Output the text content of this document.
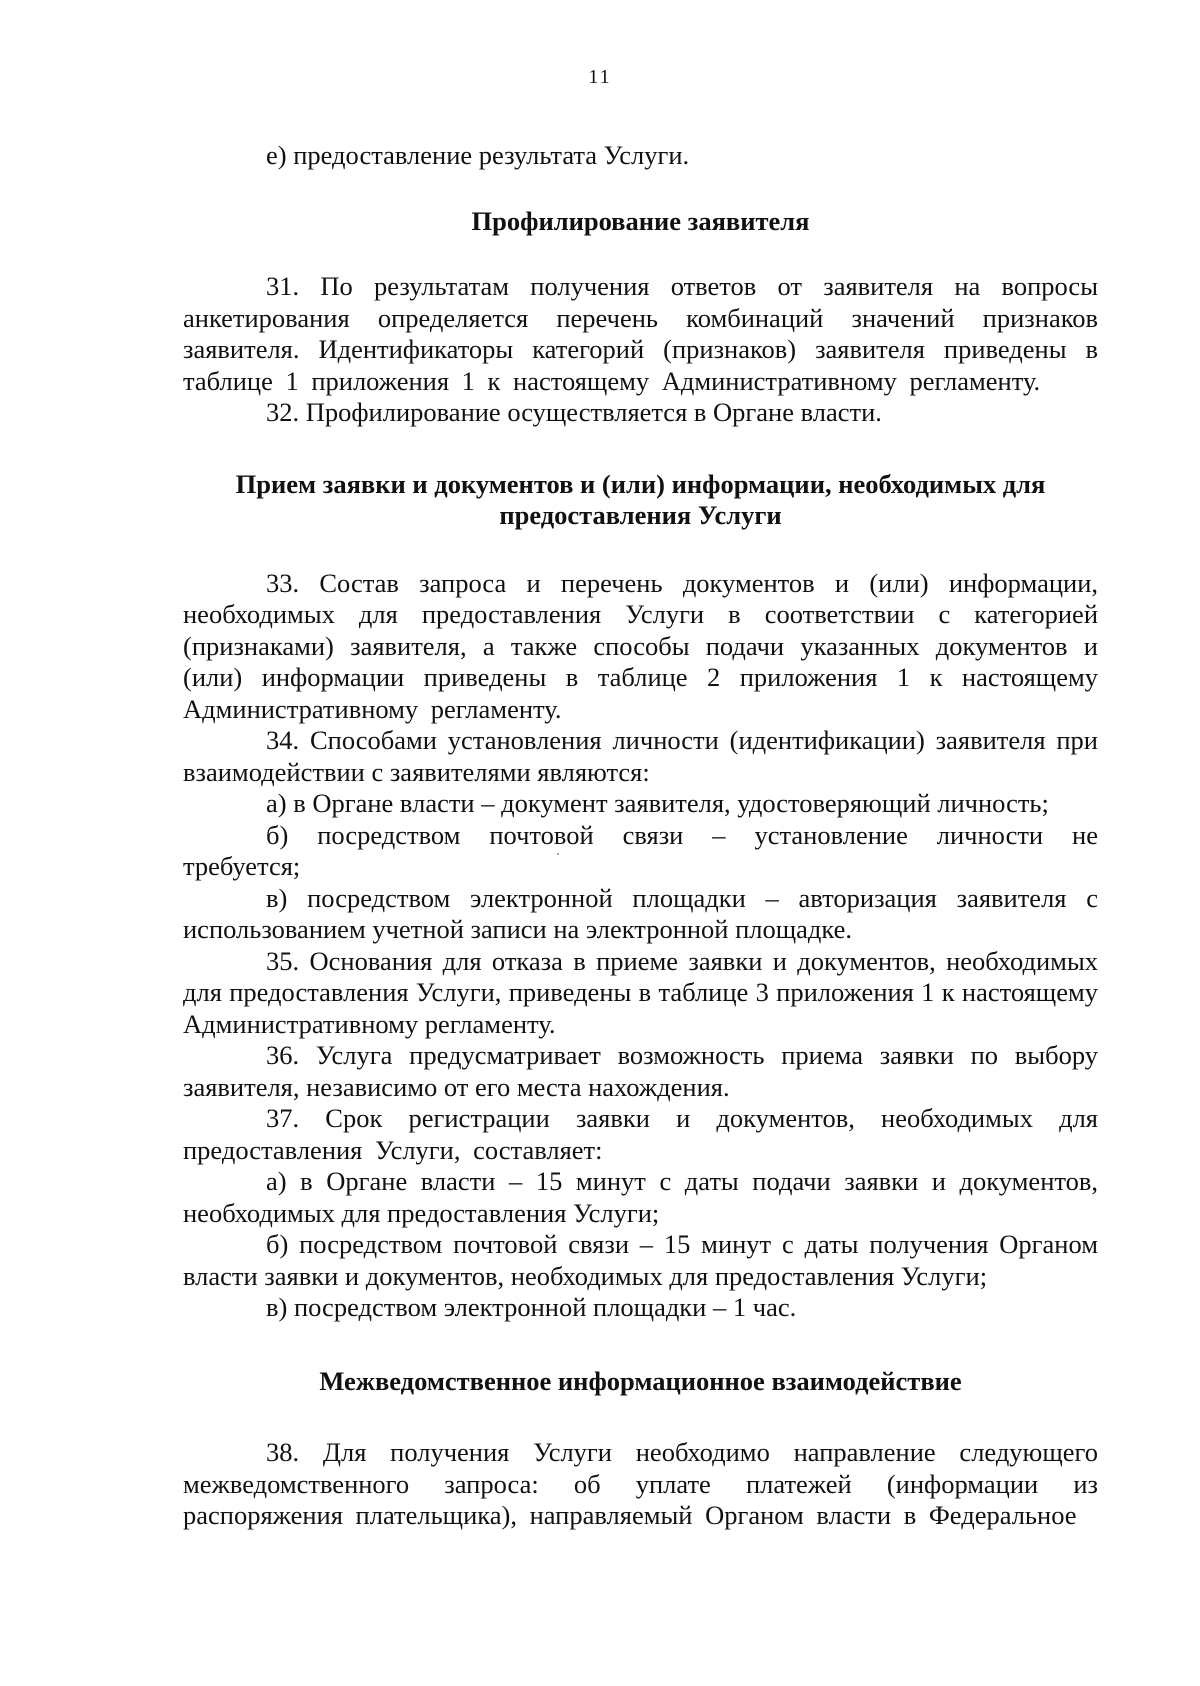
11

е) предоставление результата Услуги.

Профилирование заявителя

31. По результатам получения ответов от заявителя на вопросы анкетирования определяется перечень комбинаций значений признаков заявителя. Идентификаторы категорий (признаков) заявителя приведены в таблице 1 приложения 1 к настоящему Административному регламенту.

32. Профилирование осуществляется в Органе власти.

Прием заявки и документов и (или) информации, необходимых для предоставления Услуги

33. Состав запроса и перечень документов и (или) информации, необходимых для предоставления Услуги в соответствии с категорией (признаками) заявителя, а также способы подачи указанных документов и (или) информации приведены в таблице 2 приложения 1 к настоящему Административному регламенту.

34. Способами установления личности (идентификации) заявителя при взаимодействии с заявителями являются:

а) в Органе власти – документ заявителя, удостоверяющий личность;

б) посредством почтовой связи – установление личности не требуется;

в) посредством электронной площадки – авторизация заявителя с использованием учетной записи на электронной площадке.

35. Основания для отказа в приеме заявки и документов, необходимых для предоставления Услуги, приведены в таблице 3 приложения 1 к настоящему Административному регламенту.

36. Услуга предусматривает возможность приема заявки по выбору заявителя, независимо от его места нахождения.

37. Срок регистрации заявки и документов, необходимых для предоставления Услуги, составляет:

а) в Органе власти – 15 минут с даты подачи заявки и документов, необходимых для предоставления Услуги;

б) посредством почтовой связи – 15 минут с даты получения Органом власти заявки и документов, необходимых для предоставления Услуги;

в) посредством электронной площадки – 1 час.

Межведомственное информационное взаимодействие

38. Для получения Услуги необходимо направление следующего межведомственного запроса: об уплате платежей (информации из распоряжения плательщика), направляемый Органом власти в Федеральное
